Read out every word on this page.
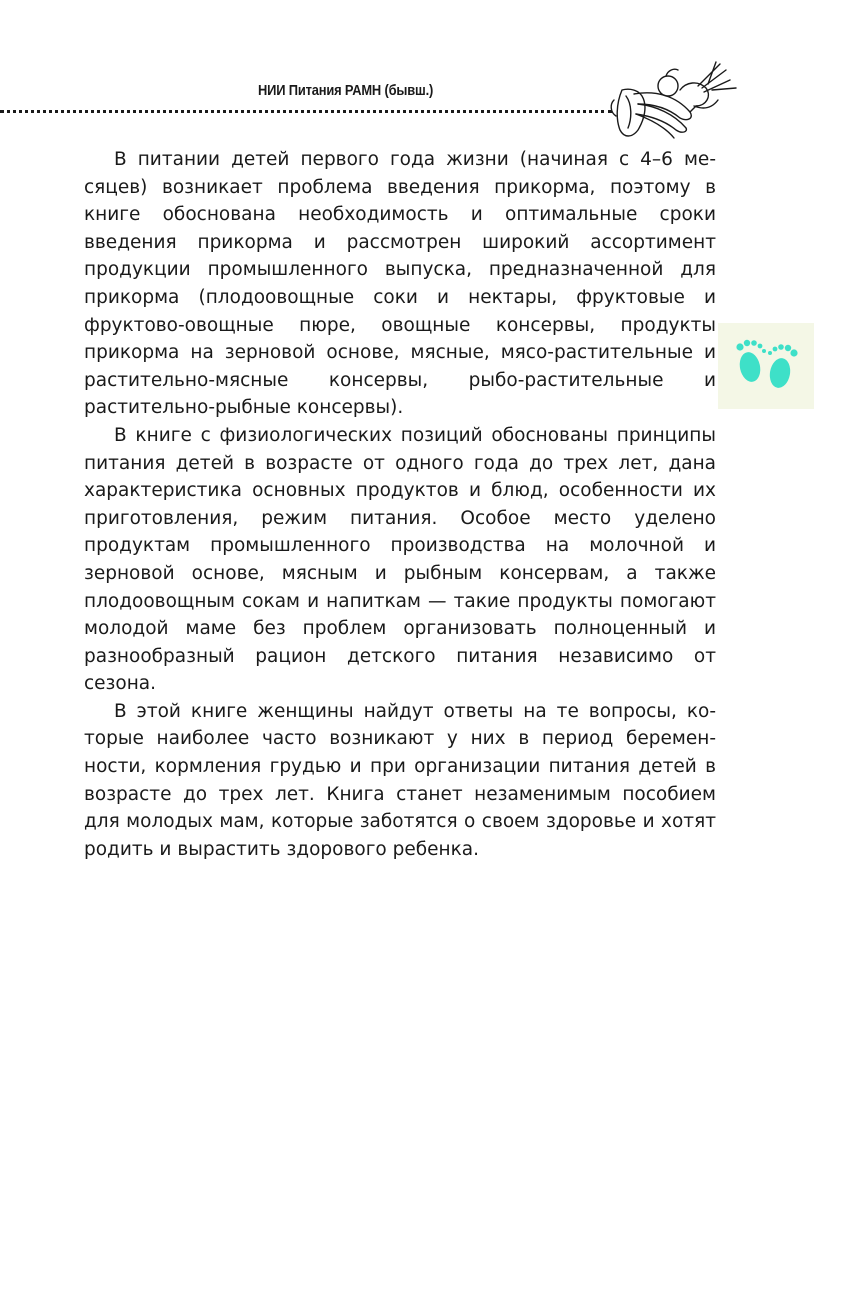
НИИ Питания РАМН (бывш.)

В питании детей первого года жизни (начиная с 4–6 месяцев) возникает проблема введения прикорма, поэтому в книге обоснована необходимость и оптимальные сроки введения прикорма и рассмотрен широкий ассортимент продукции промышленного выпуска, предназначенной для прикорма (плодоовощные соки и нектары, фруктовые и фруктово-овощные пюре, овощные консервы, продукты прикорма на зерновой основе, мясные, мясо-растительные и растительно-мясные консервы, рыбо-растительные и растительно-рыбные консервы).

В книге с физиологических позиций обоснованы принципы питания детей в возрасте от одного года до трех лет, дана характеристика основных продуктов и блюд, особенности их приготовления, режим питания. Особое место уделено продуктам промышленного производства на молочной и зерновой основе, мясным и рыбным консервам, а также плодоовощным сокам и напиткам — такие продукты помогают молодой маме без проблем организовать полноценный и разнообразный рацион детского питания независимо от сезона.

В этой книге женщины найдут ответы на те вопросы, которые наиболее часто возникают у них в период беременности, кормления грудью и при организации питания детей в возрасте до трех лет. Книга станет незаменимым пособием для молодых мам, которые заботятся о своем здоровье и хотят родить и вырастить здорового ребенка.
